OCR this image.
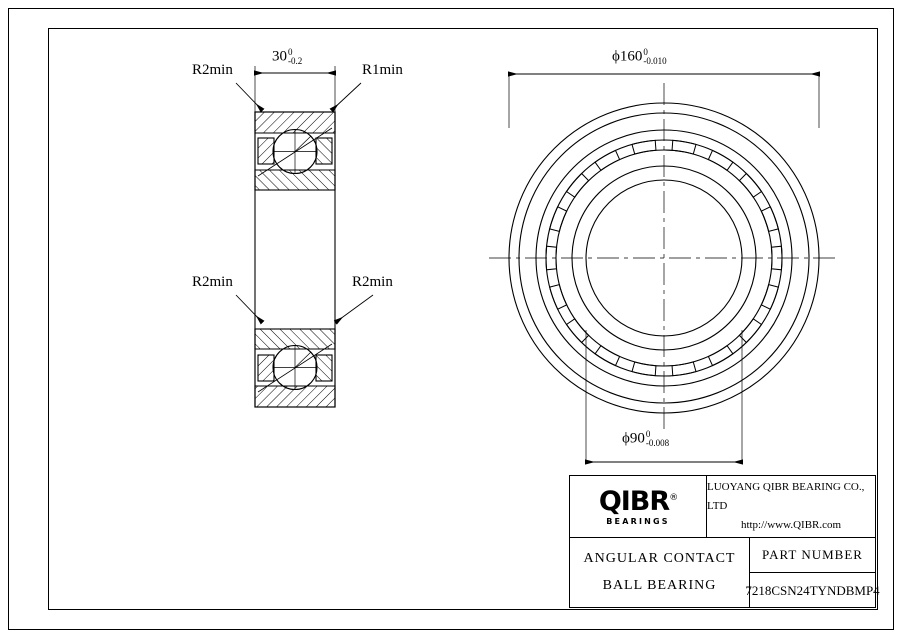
R2min	R1min
R2min	R2min
30 0
-0.2	ϕ160 0
-0.010
ϕ90 0
-0.008
QIBR®
BEARINGS
LUOYANG QIBR BEARING CO., LTD
http://www.QIBR.com
ANGULAR CONTACT
BALL BEARING
PART NUMBER
7218CSN24TYNDBMP4
